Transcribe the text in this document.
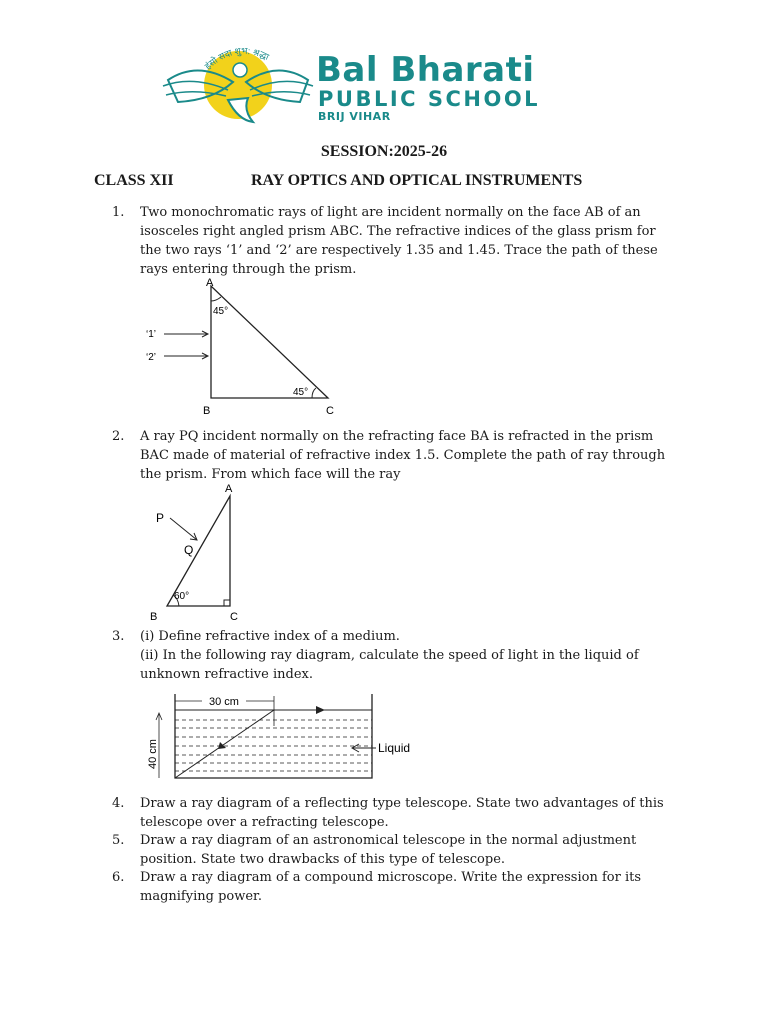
हंसो सदा शुभ: श्रद्धा Bal Bharati
PUBLIC SCHOOL
BRIJ VIHAR
SESSION:2025-26
CLASS XII	RAY OPTICS AND OPTICAL INSTRUMENTS
1. Two monochromatic rays of light are incident normally on the face AB of an isosceles right angled prism ABC. The refractive indices of the glass prism for the two rays ‘1’ and ‘2’ are respectively 1.35 and 1.45. Trace the path of these rays entering through the prism.
A
B	C
45°
45°
‘1’
‘2’
2. A ray PQ incident normally on the refracting face BA is refracted in the prism BAC made of material of refractive index 1.5. Complete the path of ray through the prism. From which face will the ray
A
B	C
P
Q
60°
3. (i) Define refractive index of a medium.
(ii) In the following ray diagram, calculate the speed of light in the liquid of unknown refractive index.
30 cm
40 cm	Liquid
4. Draw a ray diagram of a reflecting type telescope. State two advantages of this telescope over a refracting telescope.
5. Draw a ray diagram of an astronomical telescope in the normal adjustment position. State two drawbacks of this type of telescope.
6. Draw a ray diagram of a compound microscope. Write the expression for its magnifying power.
